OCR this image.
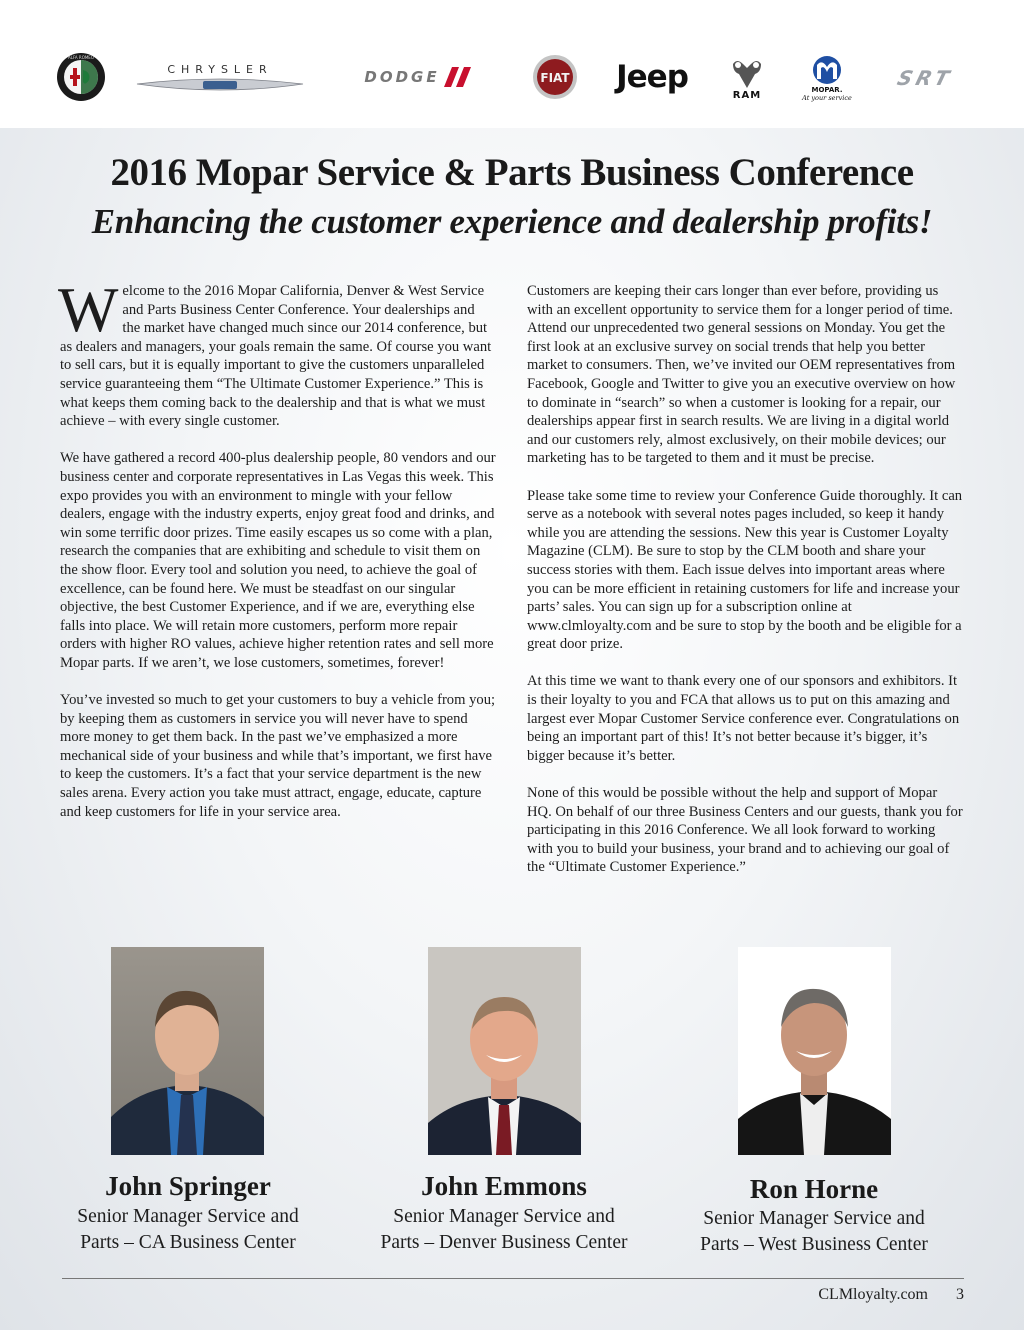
ALFA ROMEO
CHRYSLER	DODGE	FIAT Jeep	RAM	MOPAR.
At your service
SRT
2016 Mopar Service & Parts Business Conference
Enhancing the customer experience and dealership profits!

Welcome to the 2016 Mopar California, Denver & West Service and Parts Business Center Conference. Your dealerships and the market have changed much since our 2014 conference, but as dealers and managers, your goals remain the same. Of course you want to sell cars, but it is equally important to give the customers unparalleled service guaranteeing them “The Ultimate Customer Experience.” This is what keeps them coming back to the dealership and that is what we must achieve – with every single customer.

We have gathered a record 400-plus dealership people, 80 vendors and our business center and corporate representatives in Las Vegas this week. This expo provides you with an environment to mingle with your fellow dealers, engage with the industry experts, enjoy great food and drinks, and win some terrific door prizes. Time easily escapes us so come with a plan, research the companies that are exhibiting and schedule to visit them on the show floor. Every tool and solution you need, to achieve the goal of excellence, can be found here. We must be steadfast on our singular objective, the best Customer Experience, and if we are, everything else falls into place. We will retain more customers, perform more repair orders with higher RO values, achieve higher retention rates and sell more Mopar parts. If we aren’t, we lose customers, sometimes, forever!

You’ve invested so much to get your customers to buy a vehicle from you; by keeping them as customers in service you will never have to spend more money to get them back. In the past we’ve emphasized a more mechanical side of your business and while that’s important, we first have to keep the customers. It’s a fact that your service department is the new sales arena. Every action you take must attract, engage, educate, capture and keep customers for life in your service area.

Customers are keeping their cars longer than ever before, providing us with an excellent opportunity to service them for a longer period of time. Attend our unprecedented two general sessions on Monday. You get the first look at an exclusive survey on social trends that help you better market to consumers. Then, we’ve invited our OEM representatives from Facebook, Google and Twitter to give you an executive overview on how to dominate in “search” so when a customer is looking for a repair, our dealerships appear first in search results. We are living in a digital world and our customers rely, almost exclusively, on their mobile devices; our marketing has to be targeted to them and it must be precise.

Please take some time to review your Conference Guide thoroughly. It can serve as a notebook with several notes pages included, so keep it handy while you are attending the sessions. New this year is Customer Loyalty Magazine (CLM). Be sure to stop by the CLM booth and share your success stories with them. Each issue delves into important areas where you can be more efficient in retaining customers for life and increase your parts’ sales. You can sign up for a subscription online at www.clmloyalty.com and be sure to stop by the booth and be eligible for a great door prize.

At this time we want to thank every one of our sponsors and exhibitors. It is their loyalty to you and FCA that allows us to put on this amazing and largest ever Mopar Customer Service conference ever. Congratulations on being an important part of this! It’s not better because it’s bigger, it’s bigger because it’s better.

None of this would be possible without the help and support of Mopar HQ. On behalf of our three Business Centers and our guests, thank you for participating in this 2016 Conference. We all look forward to working with you to build your business, your brand and to achieving our goal of the “Ultimate Customer Experience.”

John Springer
Senior Manager Service and
Parts – CA Business Center
John Emmons
Senior Manager Service and
Parts – Denver Business Center
Ron Horne
Senior Manager Service and
Parts – West Business Center
CLMloyalty.com 3
